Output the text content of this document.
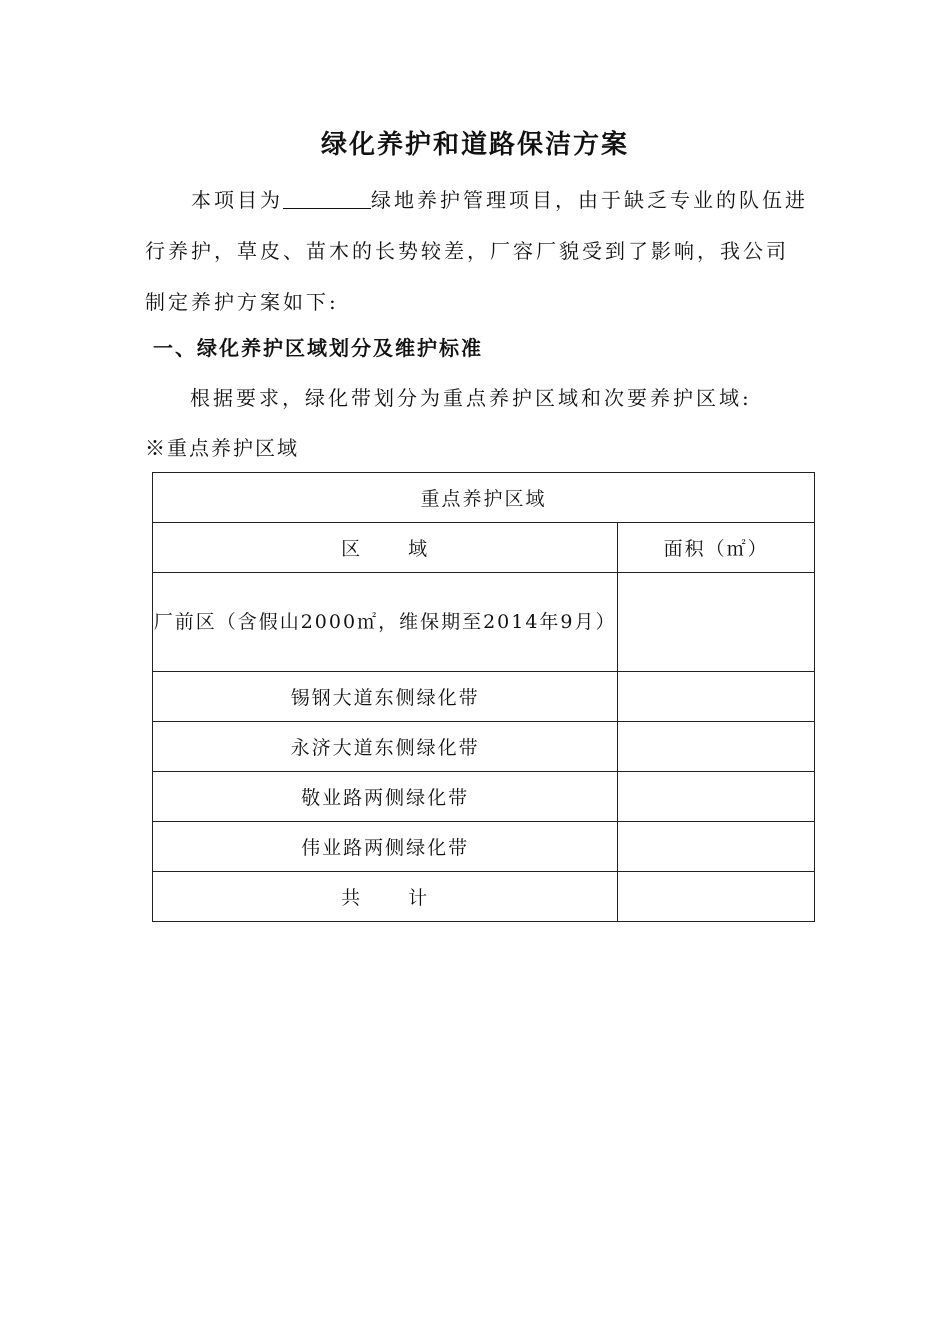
绿化养护和道路保洁方案
本项目为	绿地养护管理项目，由于缺乏专业的队伍进行养护，草皮、苗木的长势较差，厂容厂貌受到了影响，我公司制定养护方案如下:
一、绿化养护区域划分及维护标准
根据要求，绿化带划分为重点养护区域和次要养护区域:
※重点养护区域
重点养护区域	
区 域	面积（㎡）
厂前区（含假山2000㎡，维保期至2014年9月）	
锡钢大道东侧绿化带	
永济大道东侧绿化带	
敬业路两侧绿化带	
伟业路两侧绿化带	
共 计	
